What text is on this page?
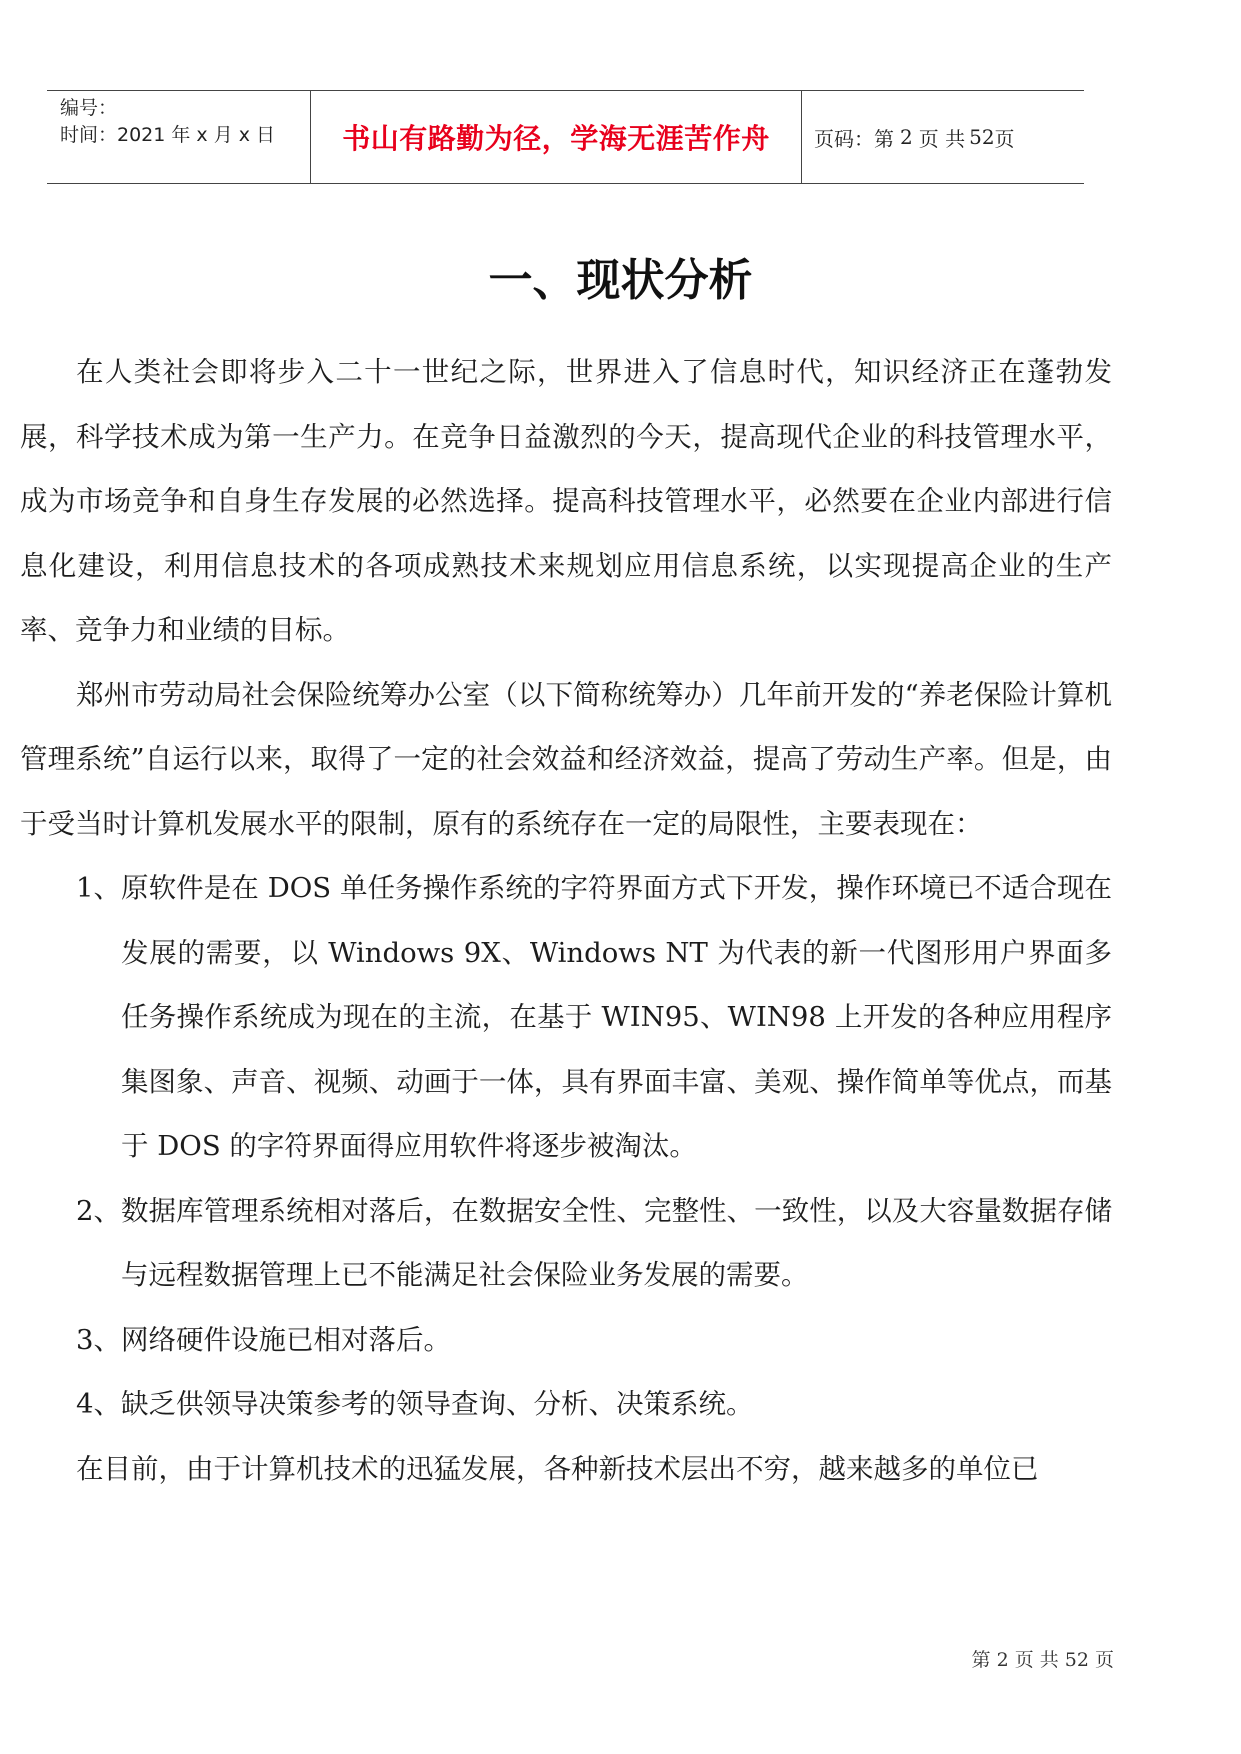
编号：
时间：2021 年 x 月 x 日	书山有路勤为径，学海无涯苦作舟	页码：第 2 页 共 52 页
一、现状分析

在人类社会即将步入二十一世纪之际，世界进入了信息时代，知识经济正在蓬勃发展，科学技术成为第一生产力。在竞争日益激烈的今天，提高现代企业的科技管理水平，成为市场竞争和自身生存发展的必然选择。提高科技管理水平，必然要在企业内部进行信息化建设，利用信息技术的各项成熟技术来规划应用信息系统，以实现提高企业的生产率、竞争力和业绩的目标。

郑州市劳动局社会保险统筹办公室（以下简称统筹办）几年前开发的“养老保险计算机管理系统”自运行以来，取得了一定的社会效益和经济效益，提高了劳动生产率。但是，由于受当时计算机发展水平的限制，原有的系统存在一定的局限性，主要表现在：

1、 原软件是在 DOS 单任务操作系统的字符界面方式下开发，操作环境已不适合现在发展的需要，以 Windows 9X、Windows NT 为代表的新一代图形用户界面多任务操作系统成为现在的主流，在基于 WIN95、WIN98 上开发的各种应用程序集图象、声音、视频、动画于一体，具有界面丰富、美观、操作简单等优点，而基于 DOS 的字符界面得应用软件将逐步被淘汰。
2、 数据库管理系统相对落后，在数据安全性、完整性、一致性，以及大容量数据存储与远程数据管理上已不能满足社会保险业务发展的需要。
3、 网络硬件设施已相对落后。
4、 缺乏供领导决策参考的领导查询、分析、决策系统。

在目前，由于计算机技术的迅猛发展，各种新技术层出不穷，越来越多的单位已

第 2 页 共 52 页
